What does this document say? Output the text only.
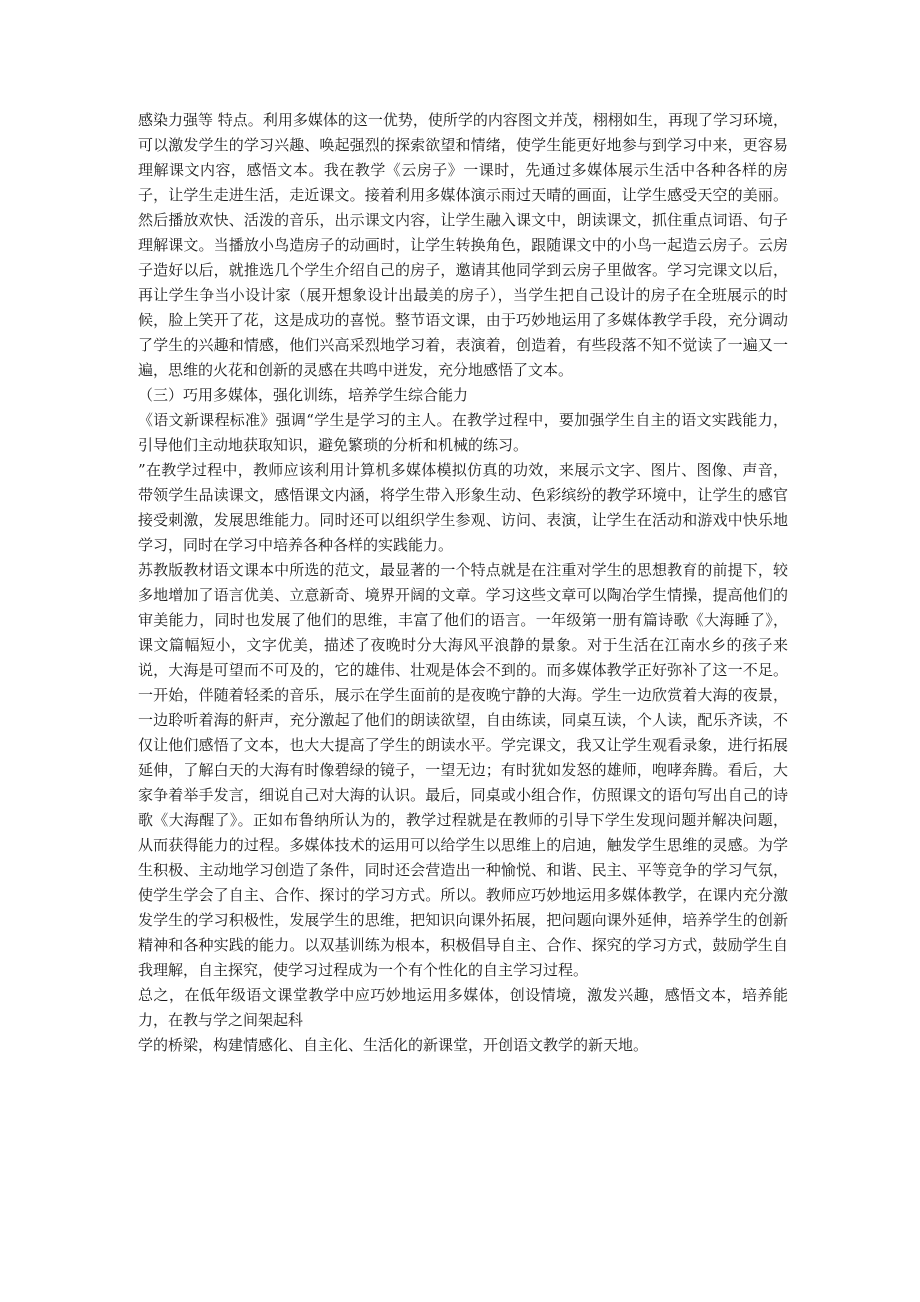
感染力强等 特点。利用多媒体的这一优势，使所学的内容图文并茂，栩栩如生，再现了学习环境，可以激发学生的学习兴趣、唤起强烈的探索欲望和情绪，使学生能更好地参与到学习中来，更容易理解课文内容，感悟文本。我在教学《云房子》一课时，先通过多媒体展示生活中各种各样的房子，让学生走进生活，走近课文。接着利用多媒体演示雨过天晴的画面，让学生感受天空的美丽。然后播放欢快、活泼的音乐，出示课文内容，让学生融入课文中，朗读课文，抓住重点词语、句子理解课文。当播放小鸟造房子的动画时，让学生转换角色，跟随课文中的小鸟一起造云房子。云房子造好以后，就推选几个学生介绍自己的房子，邀请其他同学到云房子里做客。学习完课文以后，再让学生争当小设计家（展开想象设计出最美的房子），当学生把自己设计的房子在全班展示的时候，脸上笑开了花，这是成功的喜悦。整节语文课，由于巧妙地运用了多媒体教学手段，充分调动了学生的兴趣和情感，他们兴高采烈地学习着，表演着，创造着，有些段落不知不觉读了一遍又一遍，思维的火花和创新的灵感在共鸣中迸发，充分地感悟了文本。

（三）巧用多媒体，强化训练，培养学生综合能力

《语文新课程标准》强调“学生是学习的主人。在教学过程中，要加强学生自主的语文实践能力，引导他们主动地获取知识，避免繁琐的分析和机械的练习。

”在教学过程中，教师应该利用计算机多媒体模拟仿真的功效，来展示文字、图片、图像、声音，带领学生品读课文，感悟课文内涵，将学生带入形象生动、色彩缤纷的教学环境中，让学生的感官接受刺激，发展思维能力。同时还可以组织学生参观、访问、表演，让学生在活动和游戏中快乐地学习，同时在学习中培养各种各样的实践能力。

苏教版教材语文课本中所选的范文，最显著的一个特点就是在注重对学生的思想教育的前提下，较多地增加了语言优美、立意新奇、境界开阔的文章。学习这些文章可以陶冶学生情操，提高他们的审美能力，同时也发展了他们的思维，丰富了他们的语言。一年级第一册有篇诗歌《大海睡了》，课文篇幅短小，文字优美，描述了夜晚时分大海风平浪静的景象。对于生活在江南水乡的孩子来说，大海是可望而不可及的，它的雄伟、壮观是体会不到的。而多媒体教学正好弥补了这一不足。一开始，伴随着轻柔的音乐，展示在学生面前的是夜晚宁静的大海。学生一边欣赏着大海的夜景，一边聆听着海的鼾声，充分激起了他们的朗读欲望，自由练读，同桌互读，个人读，配乐齐读，不仅让他们感悟了文本，也大大提高了学生的朗读水平。学完课文，我又让学生观看录象，进行拓展延伸，了解白天的大海有时像碧绿的镜子，一望无边；有时犹如发怒的雄师，咆哮奔腾。看后，大家争着举手发言，细说自己对大海的认识。最后，同桌或小组合作，仿照课文的语句写出自己的诗歌《大海醒了》。正如布鲁纳所认为的，教学过程就是在教师的引导下学生发现问题并解决问题，从而获得能力的过程。多媒体技术的运用可以给学生以思维上的启迪，触发学生思维的灵感。为学生积极、主动地学习创造了条件，同时还会营造出一种愉悦、和谐、民主、平等竞争的学习气氛，使学生学会了自主、合作、探讨的学习方式。所以。教师应巧妙地运用多媒体教学，在课内充分激发学生的学习积极性，发展学生的思维，把知识向课外拓展，把问题向课外延伸，培养学生的创新精神和各种实践的能力。以双基训练为根本，积极倡导自主、合作、探究的学习方式，鼓励学生自我理解，自主探究，使学习过程成为一个有个性化的自主学习过程。

总之，在低年级语文课堂教学中应巧妙地运用多媒体，创设情境，激发兴趣，感悟文本，培养能力，在教与学之间架起科

学的桥梁，构建情感化、自主化、生活化的新课堂，开创语文教学的新天地。
